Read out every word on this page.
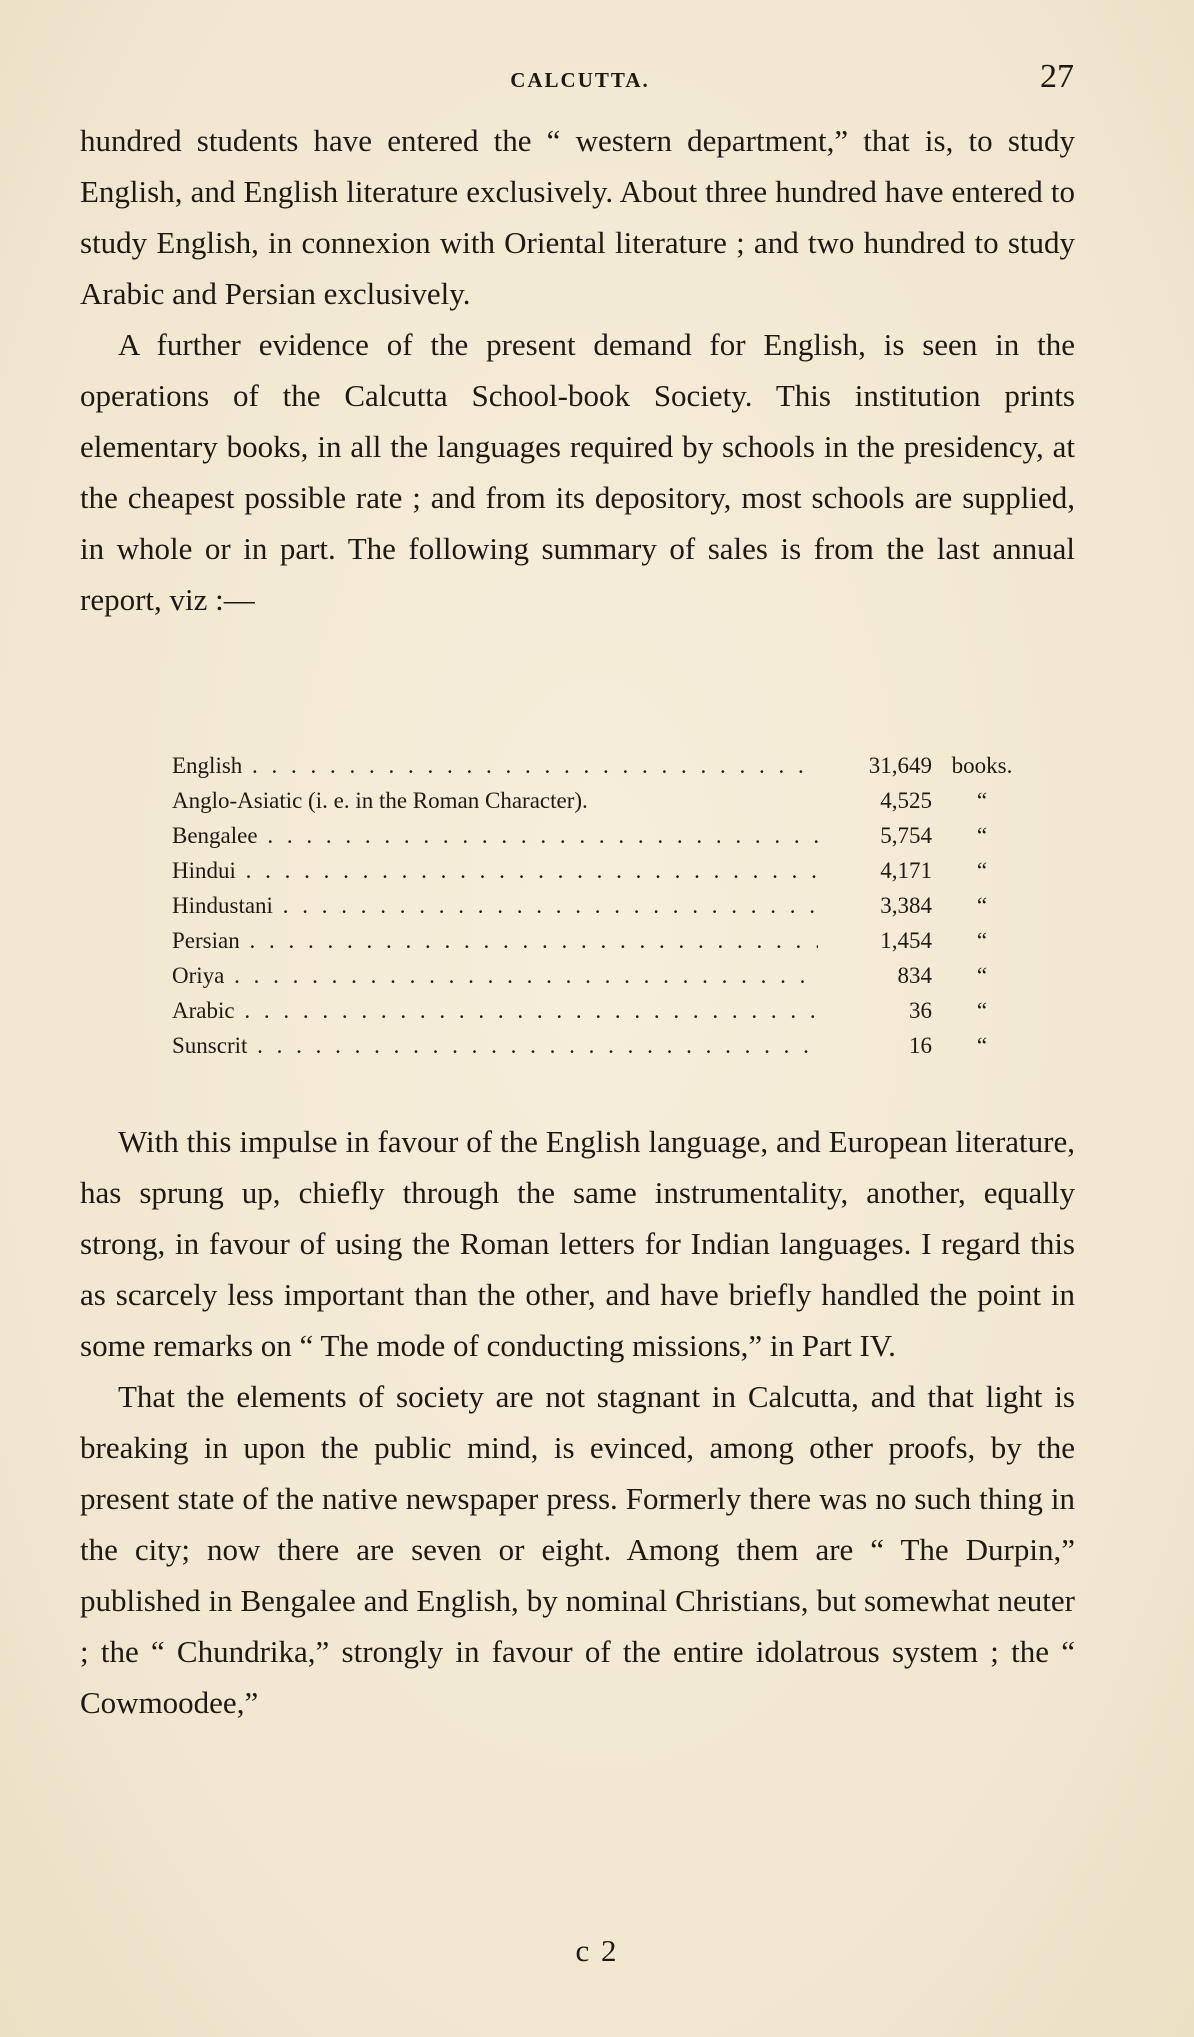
CALCUTTA.	27

hundred students have entered the “ western department,” that is, to study English, and English literature exclusively. About three hundred have entered to study English, in connexion with Oriental literature ; and two hundred to study Arabic and Persian exclusively.

A further evidence of the present demand for English, is seen in the operations of the Calcutta School-book Society. This institution prints elementary books, in all the languages required by schools in the presidency, at the cheapest possible rate ; and from its depository, most schools are supplied, in whole or in part. The following summary of sales is from the last annual report, viz :—

English . . .	31,649 books.
Anglo-Asiatic (i. e. in the Roman Character) .	4,525	“
Bengalee . . .	5,754	“
Hindui . . .	4,171	“
Hindustani . . .	3,384	“
Persian . . .	1,454	“
Oriya . . .	834	“
Arabic . . .	36	“
Sunscrit . . .	16	“

With this impulse in favour of the English language, and European literature, has sprung up, chiefly through the same instrumentality, another, equally strong, in favour of using the Roman letters for Indian languages. I regard this as scarcely less important than the other, and have briefly handled the point in some remarks on “ The mode of conducting missions,” in Part IV.

That the elements of society are not stagnant in Calcutta, and that light is breaking in upon the public mind, is evinced, among other proofs, by the present state of the native newspaper press. Formerly there was no such thing in the city; now there are seven or eight. Among them are “ The Durpin,” published in Bengalee and English, by nominal Christians, but somewhat neuter ; the “ Chundrika,” strongly in favour of the entire idolatrous system ; the “ Cowmoodee,”

c 2
